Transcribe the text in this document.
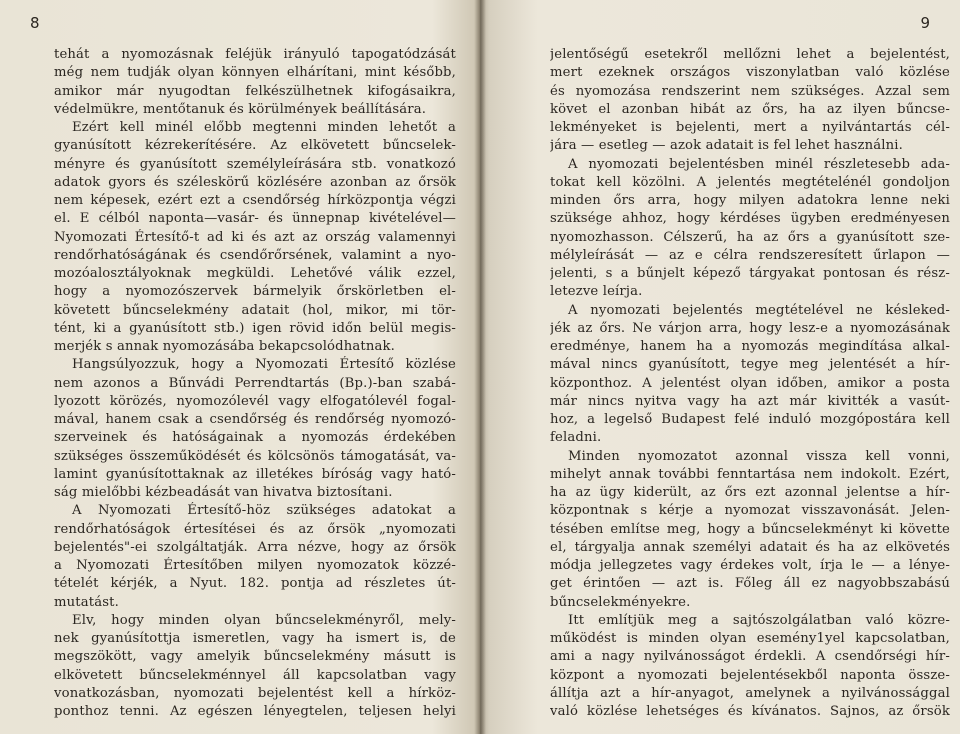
8
tehát a nyomozásnak feléjük irányuló tapogatódzását
még nem tudják olyan könnyen elhárítani, mint később,
amikor már nyugodtan felkészülhetnek kifogásaikra,
védelmükre, mentőtanuk és körülmények beállítására.
Ezért kell minél előbb megtenni minden lehetőt a
gyanúsított kézrekerítésére. Az elkövetett bűncselek-
ményre és gyanúsított személyleírására stb. vonatkozó
adatok gyors és széleskörű közlésére azonban az őrsök
nem képesek, ezért ezt a csendőrség hírközpontja végzi
el. E célból naponta—vasár- és ünnepnap kivételével—
Nyomozati Értesítő-t ad ki és azt az ország valamennyi
rendőrhatóságának és csendőrőrsének, valamint a nyo-
mozóalosztályoknak megküldi. Lehetővé válik ezzel,
hogy a nyomozószervek bármelyik őrskörletben el-
követett bűncselekmény adatait (hol, mikor, mi tör-
tént, ki a gyanúsított stb.) igen rövid időn belül megis-
merjék s annak nyomozásába bekapcsolódhatnak.
Hangsúlyozzuk, hogy a Nyomozati Értesítő közlése
nem azonos a Bűnvádi Perrendtartás (Bp.)-ban szabá-
lyozott körözés, nyomozólevél vagy elfogatólevél fogal-
mával, hanem csak a csendőrség és rendőrség nyomozó-
szerveinek és hatóságainak a nyomozás érdekében
szükséges összeműködését és kölcsönös támogatását, va-
lamint gyanúsítottaknak az illetékes bíróság vagy ható-
ság mielőbbi kézbeadását van hivatva biztosítani.
A Nyomozati Értesítő-höz szükséges adatokat a
rendőrhatóságok értesítései és az őrsök „nyomozati
bejelentés"-ei szolgáltatják. Arra nézve, hogy az őrsök
a Nyomozati Értesítőben milyen nyomozatok közzé-
tételét kérjék, a Nyut. 182. pontja ad részletes út-
mutatást.
Elv, hogy minden olyan bűncselekményről, mely-
nek gyanúsítottja ismeretlen, vagy ha ismert is, de
megszökött, vagy amelyik bűncselekmény másutt is
elkövetett bűncselekménnyel áll kapcsolatban vagy
vonatkozásban, nyomozati bejelentést kell a hírköz-
ponthoz tenni. Az egészen lényegtelen, teljesen helyi
9
jelentőségű esetekről mellőzni lehet a bejelentést,
mert ezeknek országos viszonylatban való közlése
és nyomozása rendszerint nem szükséges. Azzal sem
követ el azonban hibát az őrs, ha az ilyen bűncse-
lekményeket is bejelenti, mert a nyilvántartás cél-
jára — esetleg — azok adatait is fel lehet használni.
A nyomozati bejelentésben minél részletesebb ada-
tokat kell közölni. A jelentés megtételénél gondoljon
minden őrs arra, hogy milyen adatokra lenne neki
szüksége ahhoz, hogy kérdéses ügyben eredményesen
nyomozhasson. Célszerű, ha az őrs a gyanúsított sze-
mélyleírását — az e célra rendszeresített űrlapon —
jelenti, s a bűnjelt képező tárgyakat pontosan és rész-
letezve leírja.
A nyomozati bejelentés megtételével ne késleked-
jék az őrs. Ne várjon arra, hogy lesz-e a nyomozásának
eredménye, hanem ha a nyomozás megindítása alkal-
mával nincs gyanúsított, tegye meg jelentését a hír-
központhoz. A jelentést olyan időben, amikor a posta
már nincs nyitva vagy ha azt már kivitték a vasút-
hoz, a legelső Budapest felé induló mozgópostára kell
feladni.
Minden nyomozatot azonnal vissza kell vonni,
mihelyt annak további fenntartása nem indokolt. Ezért,
ha az ügy kiderült, az őrs ezt azonnal jelentse a hír-
központnak s kérje a nyomozat visszavonását. Jelen-
tésében említse meg, hogy a bűncselekményt ki követte
el, tárgyalja annak személyi adatait és ha az elkövetés
módja jellegzetes vagy érdekes volt, írja le — a lénye-
get érintően — azt is. Főleg áll ez nagyobbszabású
bűncselekményekre.
Itt említjük meg a sajtószolgálatban való közre-
működést is minden olyan esemény1yel kapcsolatban,
ami a nagy nyilvánosságot érdekli. A csendőrségi hír-
központ a nyomozati bejelentésekből naponta össze-
állítja azt a hír-anyagot, amelynek a nyilvánossággal
való közlése lehetséges és kívánatos. Sajnos, az őrsök
